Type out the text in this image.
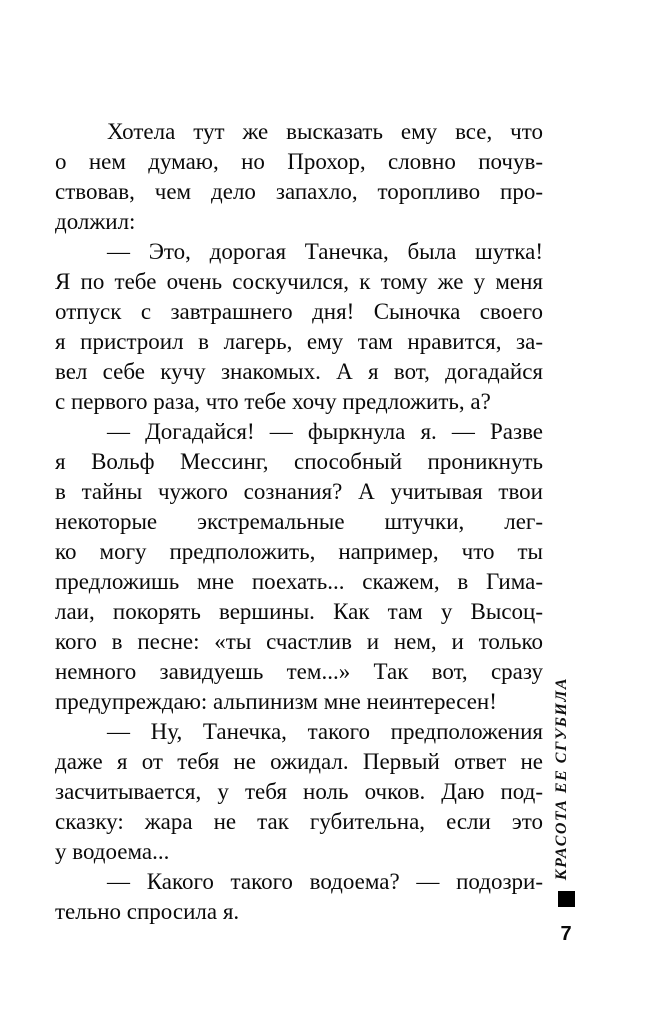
Хотела тут же высказать ему все, что
о нем думаю, но Прохор, словно почув-
ствовав, чем дело запахло, торопливо про-
должил:
— Это, дорогая Танечка, была шутка!
Я по тебе очень соскучился, к тому же у меня
отпуск с завтрашнего дня! Сыночка своего
я пристроил в лагерь, ему там нравится, за-
вел себе кучу знакомых. А я вот, догадайся
с первого раза, что тебе хочу предложить, а?
— Догадайся! — фыркнула я. — Разве
я Вольф Мессинг, способный проникнуть
в тайны чужого сознания? А учитывая твои
некоторые экстремальные штучки, лег-
ко могу предположить, например, что ты
предложишь мне поехать... скажем, в Гима-
лаи, покорять вершины. Как там у Высоц-
кого в песне: «ты счастлив и нем, и только
немного завидуешь тем...» Так вот, сразу
предупреждаю: альпинизм мне неинтересен!
— Ну, Танечка, такого предположения
даже я от тебя не ожидал. Первый ответ не
засчитывается, у тебя ноль очков. Даю под-
сказку: жара не так губительна, если это
у водоема...
— Какого такого водоема? — подозри-
тельно спросила я.
КРАСОТА ЕЕ СГУБИЛА
7
